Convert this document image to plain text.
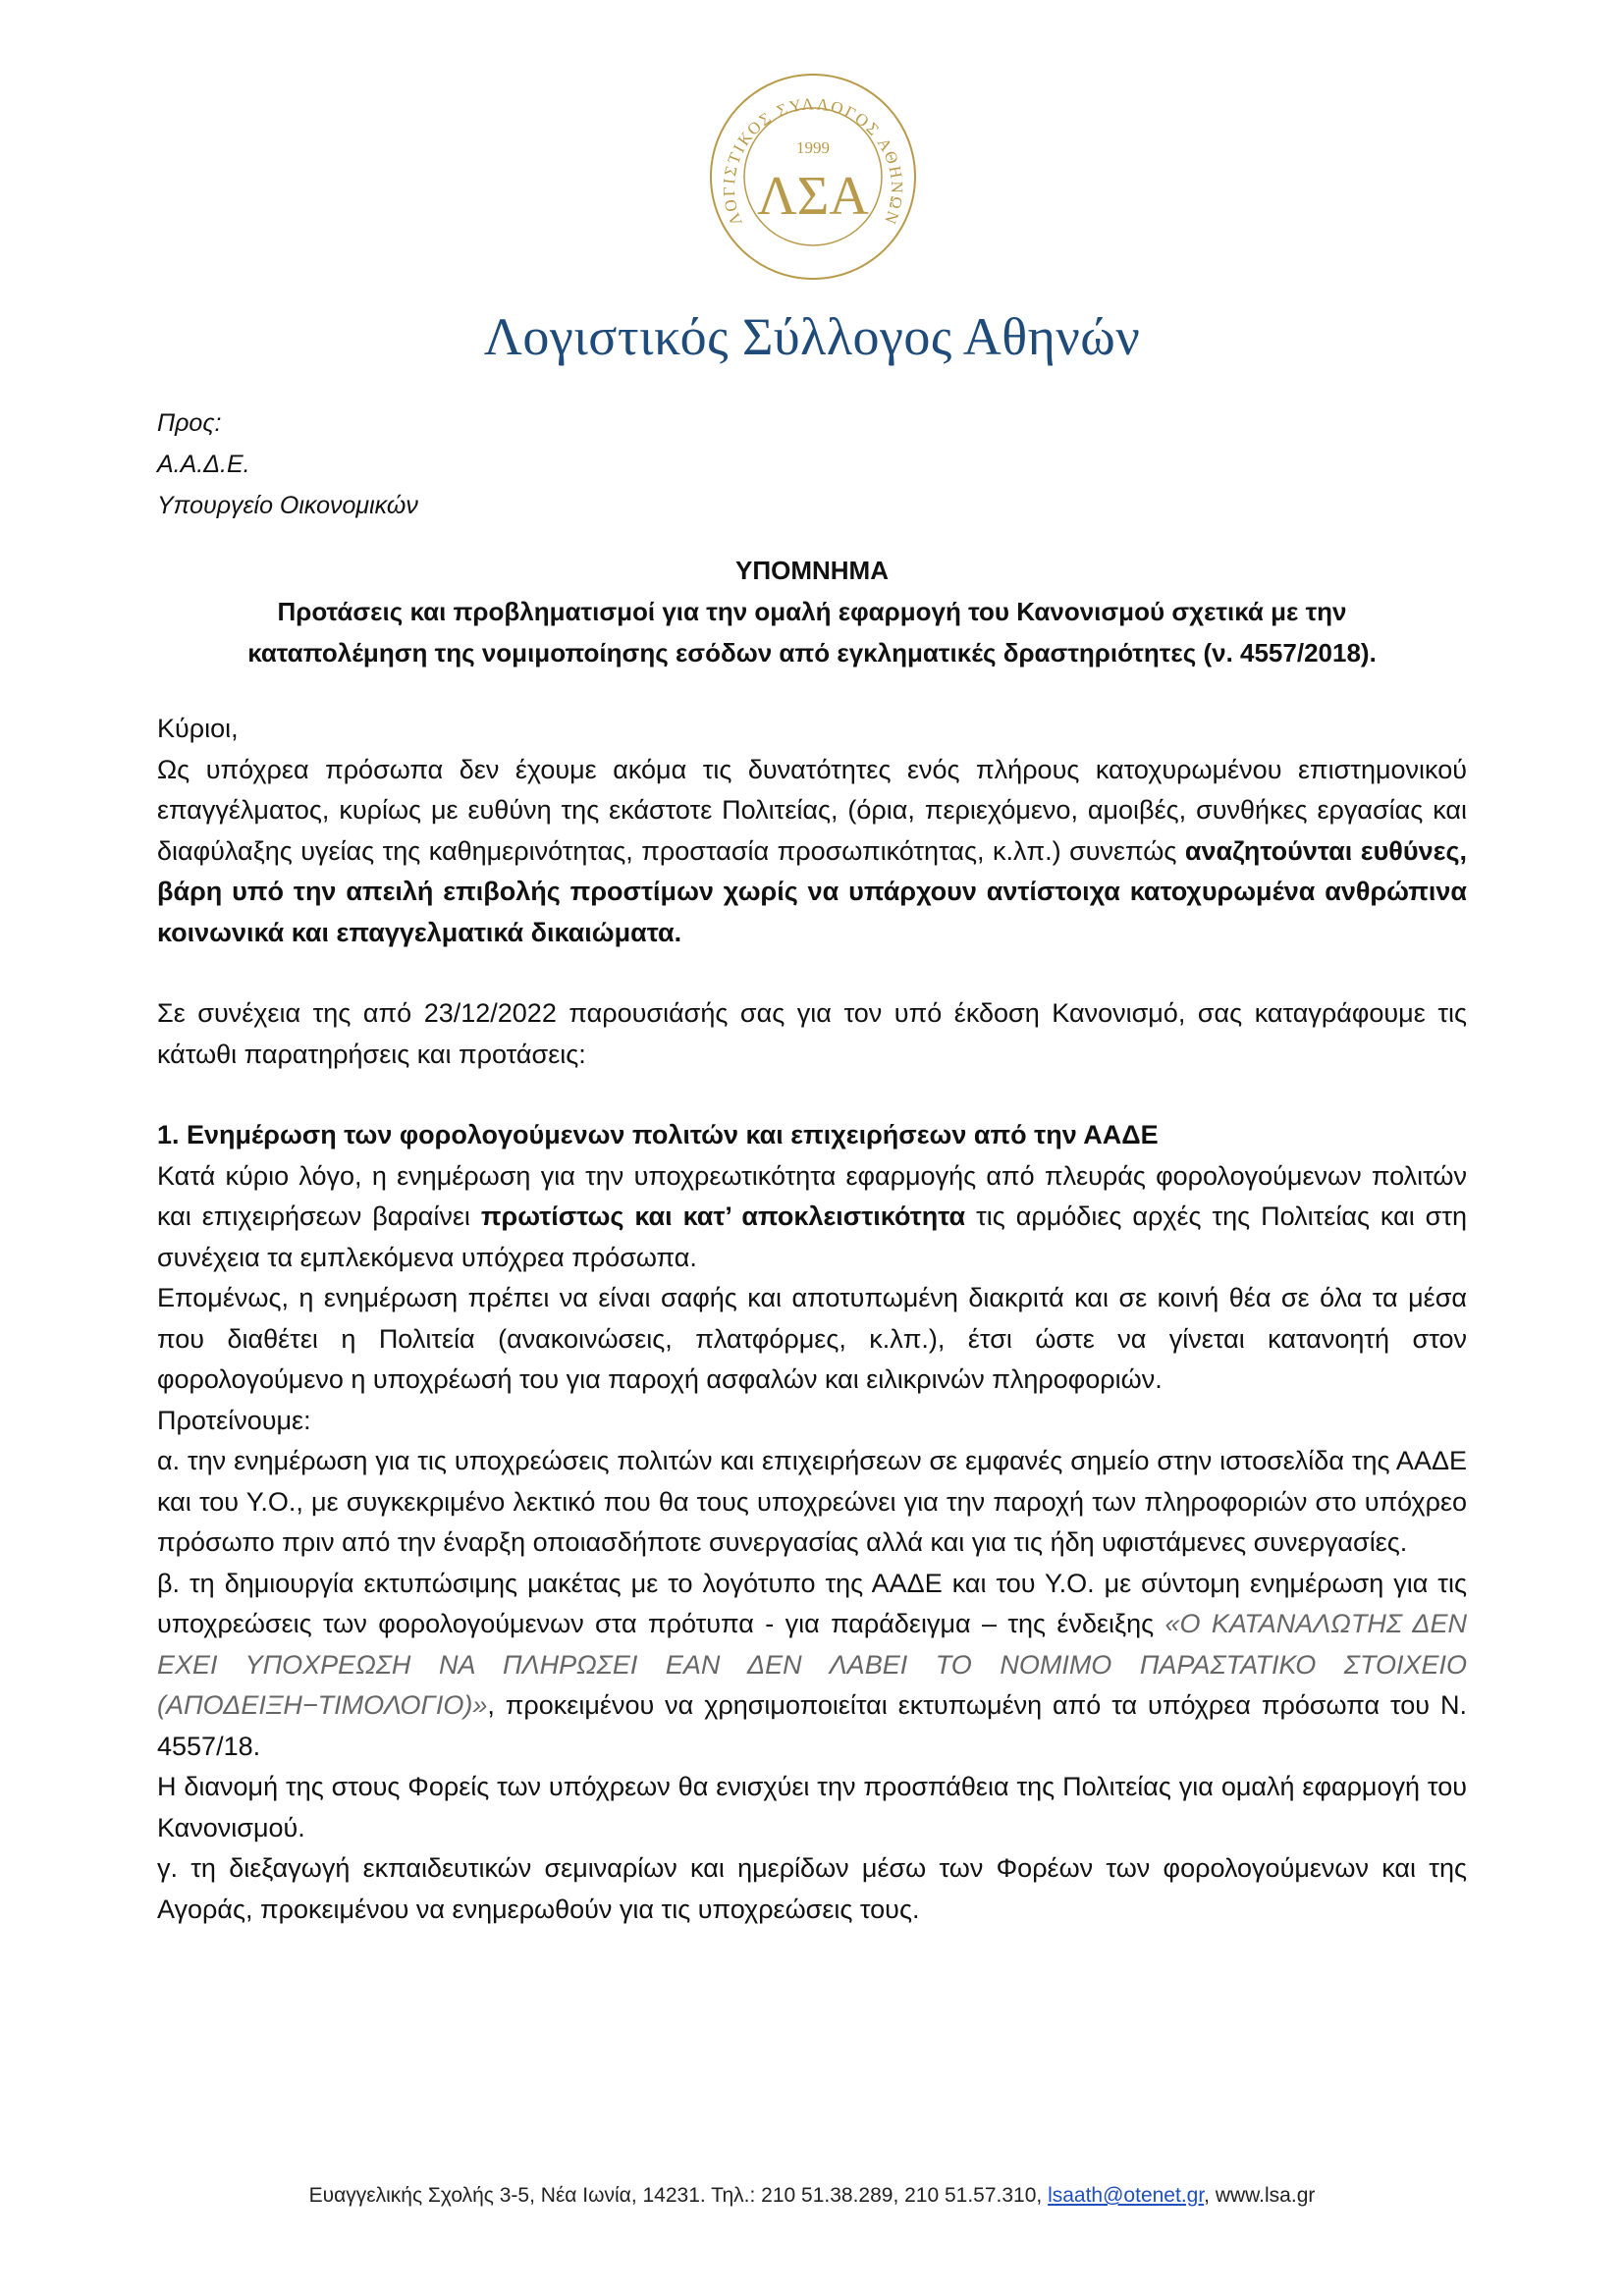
ΛΟΓΙΣΤΙΚΟΣ ΣΥΛΛΟΓΟΣ ΑΘΗΝΩΝ
1999
ΛΣΑ
Λογιστικός Σύλλογος Αθηνών
Προς:
Α.Α.Δ.Ε.
Υπουργείο Οικονομικών
ΥΠΟΜΝΗΜΑ
Προτάσεις και προβληματισμοί για την ομαλή εφαρμογή του Κανονισμού σχετικά με την
καταπολέμηση της νομιμοποίησης εσόδων από εγκληματικές δραστηριότητες (ν. 4557/2018).
Κύριοι,
Ως υπόχρεα πρόσωπα δεν έχουμε ακόμα τις δυνατότητες ενός πλήρους κατοχυρωμένου επιστημονικού επαγγέλματος, κυρίως με ευθύνη της εκάστοτε Πολιτείας, (όρια, περιεχόμενο, αμοιβές, συνθήκες εργασίας και διαφύλαξης υγείας της καθημερινότητας, προστασία προσωπικότητας, κ.λπ.) συνεπώς αναζητούνται ευθύνες, βάρη υπό την απειλή επιβολής προστίμων χωρίς να υπάρχουν αντίστοιχα κατοχυρωμένα ανθρώπινα κοινωνικά και επαγγελματικά δικαιώματα.
Σε συνέχεια της από 23/12/2022 παρουσιάσής σας για τον υπό έκδοση Κανονισμό, σας καταγράφουμε τις κάτωθι παρατηρήσεις και προτάσεις:
1. Ενημέρωση των φορολογούμενων πολιτών και επιχειρήσεων από την ΑΑΔΕ
Κατά κύριο λόγο, η ενημέρωση για την υποχρεωτικότητα εφαρμογής από πλευράς φορολογούμενων πολιτών και επιχειρήσεων βαραίνει πρωτίστως και κατ’ αποκλειστικότητα τις αρμόδιες αρχές της Πολιτείας και στη συνέχεια τα εμπλεκόμενα υπόχρεα πρόσωπα.
Επομένως, η ενημέρωση πρέπει να είναι σαφής και αποτυπωμένη διακριτά και σε κοινή θέα σε όλα τα μέσα που διαθέτει η Πολιτεία (ανακοινώσεις, πλατφόρμες, κ.λπ.), έτσι ώστε να γίνεται κατανοητή στον φορολογούμενο η υποχρέωσή του για παροχή ασφαλών και ειλικρινών πληροφοριών.
Προτείνουμε:
α. την ενημέρωση για τις υποχρεώσεις πολιτών και επιχειρήσεων σε εμφανές σημείο στην ιστοσελίδα της ΑΑΔΕ και του Υ.Ο., με συγκεκριμένο λεκτικό που θα τους υποχρεώνει για την παροχή των πληροφοριών στο υπόχρεο πρόσωπο πριν από την έναρξη οποιασδήποτε συνεργασίας αλλά και για τις ήδη υφιστάμενες συνεργασίες.
β. τη δημιουργία εκτυπώσιμης μακέτας με το λογότυπο της ΑΑΔΕ και του Υ.Ο. με σύντομη ενημέρωση για τις υποχρεώσεις των φορολογούμενων στα πρότυπα - για παράδειγμα – της ένδειξης «Ο ΚΑΤΑΝΑΛΩΤΗΣ ΔΕΝ ΕΧΕΙ ΥΠΟΧΡΕΩΣΗ ΝΑ ΠΛΗΡΩΣΕΙ ΕΑΝ ΔΕΝ ΛΑΒΕΙ ΤΟ ΝΟΜΙΜΟ ΠΑΡΑΣΤΑΤΙΚΟ ΣΤΟΙΧΕΙΟ (ΑΠΟΔΕΙΞΗ−ΤΙΜΟΛΟΓΙΟ)», προκειμένου να χρησιμοποιείται εκτυπωμένη από τα υπόχρεα πρόσωπα του Ν. 4557/18.
Η διανομή της στους Φορείς των υπόχρεων θα ενισχύει την προσπάθεια της Πολιτείας για ομαλή εφαρμογή του Κανονισμού.
γ. τη διεξαγωγή εκπαιδευτικών σεμιναρίων και ημερίδων μέσω των Φορέων των φορολογούμενων και της Αγοράς, προκειμένου να ενημερωθούν για τις υποχρεώσεις τους.
Ευαγγελικής Σχολής 3-5, Νέα Ιωνία, 14231. Τηλ.: 210 51.38.289, 210 51.57.310, lsaath@otenet.gr, www.lsa.gr
